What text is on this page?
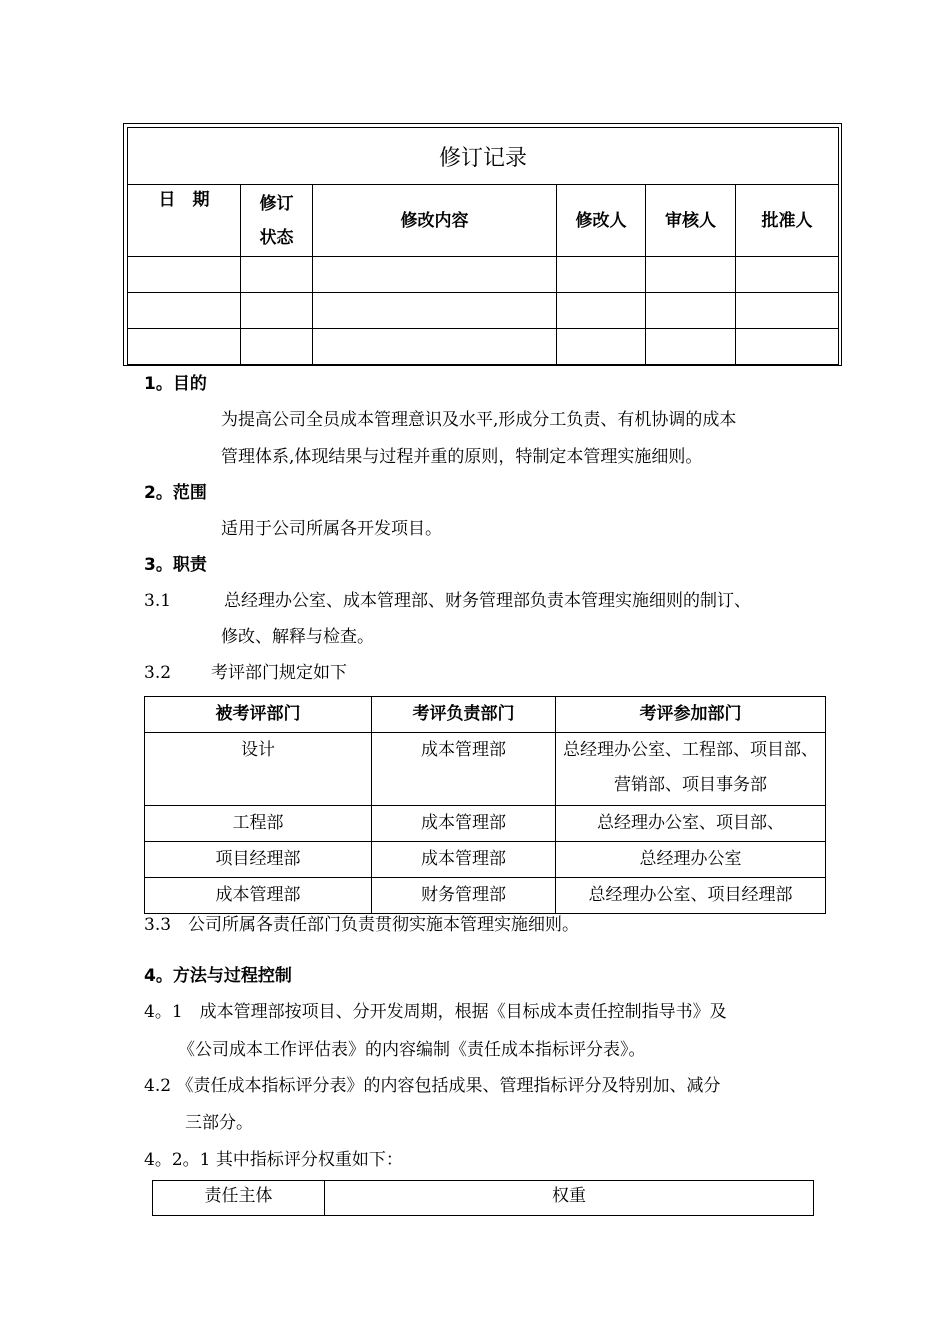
修订记录					
日　期	修订状态	修改内容	修改人	审核人	批准人

1。目的
为提高公司全员成本管理意识及水平,形成分工负责、有机协调的成本
管理体系,体现结果与过程并重的原则，特制定本管理实施细则。
2。范围
适用于公司所属各开发项目。
3。职责
3.1	总经理办公室、成本管理部、财务管理部负责本管理实施细则的制订、
修改、解释与检查。
3.2 考评部门规定如下
被考评部门	考评负责部门	考评参加部门
设计	成本管理部	总经理办公室、工程部、项目部、营销部、项目事务部
工程部	成本管理部	总经理办公室、项目部、
项目经理部	成本管理部	总经理办公室
成本管理部	财务管理部	总经理办公室、项目经理部
3.3　公司所属各责任部门负责贯彻实施本管理实施细则。
4。方法与过程控制
4。1　成本管理部按项目、分开发周期，根据《目标成本责任控制指导书》及
《公司成本工作评估表》的内容编制《责任成本指标评分表》。
4.2 《责任成本指标评分表》的内容包括成果、管理指标评分及特别加、减分
三部分。
4。2。1 其中指标评分权重如下：
责任主体	权重
